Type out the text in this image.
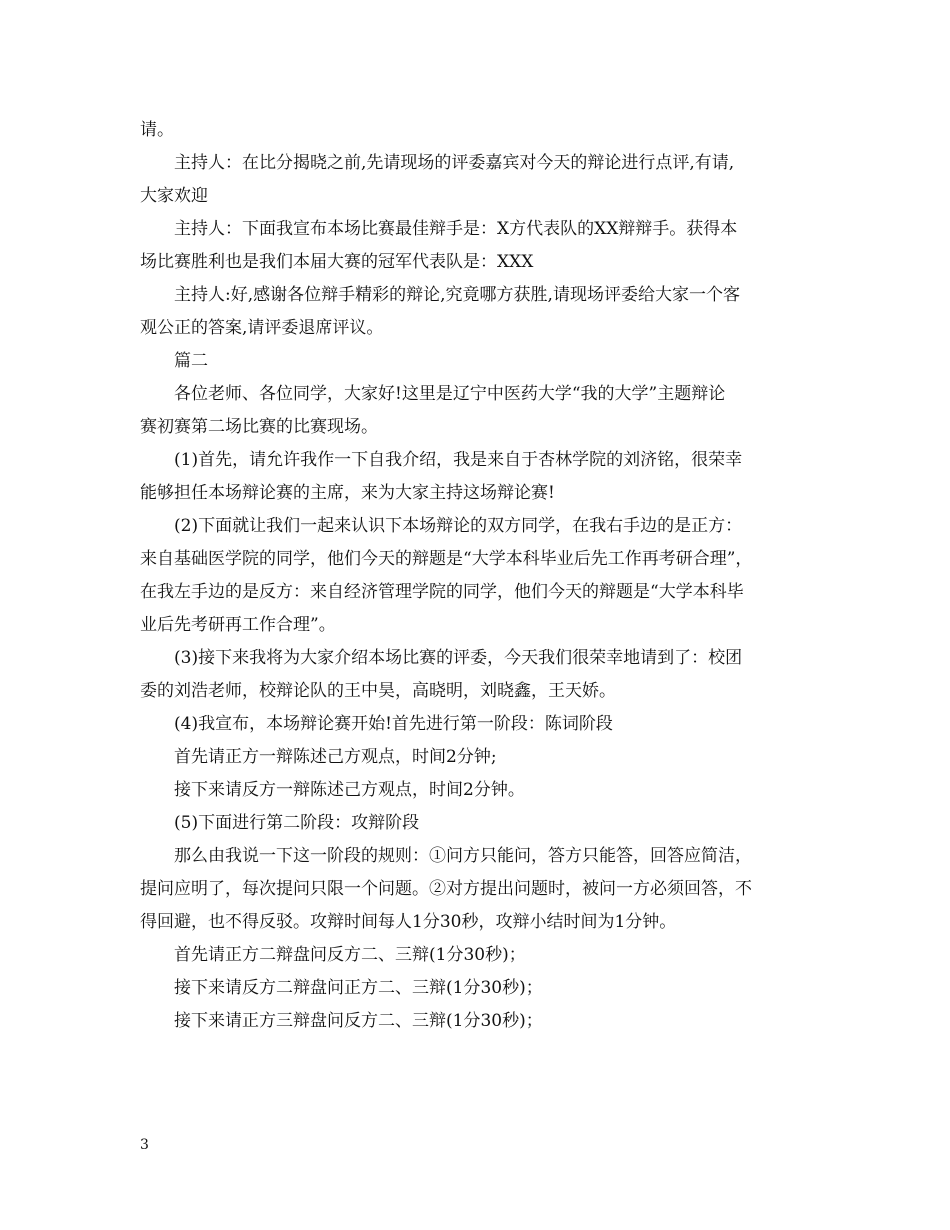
请。

主持人：在比分揭晓之前,先请现场的评委嘉宾对今天的辩论进行点评,有请,
大家欢迎

主持人：下面我宣布本场比赛最佳辩手是：X方代表队的XX辩辩手。获得本
场比赛胜利也是我们本届大赛的冠军代表队是：XXX

主持人:好,感谢各位辩手精彩的辩论,究竟哪方获胜,请现场评委给大家一个客
观公正的答案,请评委退席评议。

篇二

各位老师、各位同学，大家好!这里是辽宁中医药大学“我的大学”主题辩论
赛初赛第二场比赛的比赛现场。

(1)首先，请允许我作一下自我介绍，我是来自于杏林学院的刘济铭，很荣幸
能够担任本场辩论赛的主席，来为大家主持这场辩论赛!

(2)下面就让我们一起来认识下本场辩论的双方同学，在我右手边的是正方：
来自基础医学院的同学，他们今天的辩题是“大学本科毕业后先工作再考研合理”，
在我左手边的是反方：来自经济管理学院的同学，他们今天的辩题是“大学本科毕
业后先考研再工作合理”。

(3)接下来我将为大家介绍本场比赛的评委，今天我们很荣幸地请到了：校团
委的刘浩老师，校辩论队的王中昊，高晓明，刘晓鑫，王天娇。

(4)我宣布，本场辩论赛开始!首先进行第一阶段：陈词阶段

首先请正方一辩陈述己方观点，时间2分钟;

接下来请反方一辩陈述己方观点，时间2分钟。

(5)下面进行第二阶段：攻辩阶段

那么由我说一下这一阶段的规则：①问方只能问，答方只能答，回答应简洁，
提问应明了，每次提问只限一个问题。②对方提出问题时，被问一方必须回答，不
得回避，也不得反驳。攻辩时间每人1分30秒，攻辩小结时间为1分钟。

首先请正方二辩盘问反方二、三辩(1分30秒)；

接下来请反方二辩盘问正方二、三辩(1分30秒)；

接下来请正方三辩盘问反方二、三辩(1分30秒)；

3
